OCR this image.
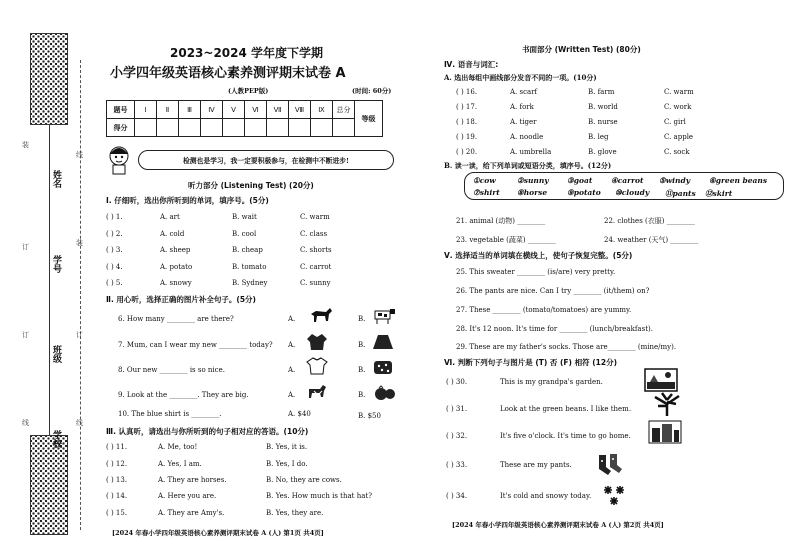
姓名
学号
班级
学校
装
线
装
订
订
订
线	线
2023~2024 学年度下学期
小学四年级英语核心素养测评期末试卷 A
(人教PEP版)	(时间: 60分)
题号	Ⅰ	Ⅱ	Ⅲ	Ⅳ	Ⅴ	Ⅵ	Ⅶ	Ⅷ	Ⅸ	总分	等级
得分											
检测也是学习，我一定要积极参与，在检测中不断进步!
听力部分 (Listening Test) (20分)
Ⅰ. 仔细听，选出你所听到的单词，填序号。(5分)
( ) 1.	A. art	B. wait	C. warm
( ) 2.	A. cold	B. cool	C. class
( ) 3.	A. sheep	B. cheap	C. shorts
( ) 4.	A. potato	B. tomato	C. carrot
( ) 5.	A. snowy	B. Sydney	C. sunny
Ⅱ. 用心听，选择正确的图片补全句子。(5分)
6. How many ________ are there?	A.	B.
7. Mum, can I wear my new ________ today? A.	B.
8. Our new ________ is so nice.	A.	B.
9. Look at the ________. They are big.	A.	B.
10. The blue shirt is ________.	A. $40	B. $50
Ⅲ. 认真听，请选出与你所听到的句子相对应的答语。(10分)
( ) 11.	A. Me, too!	B. Yes, it is.
( ) 12.	A. Yes, I am.	B. Yes, I do.
( ) 13.	A. They are horses.	B. No, they are cows.
( ) 14.	A. Here you are.	B. Yes. How much is that hat?
( ) 15.	A. They are Amy's.	B. Yes, they are.
[2024 年春小学四年级英语核心素养测评期末试卷 A (人) 第1页 共4页]
书面部分 (Written Test) (80分)
Ⅳ. 语音与词汇:
A. 选出每组中画线部分发音不同的一项。(10分)
( ) 16.	A. scarf	B. farm	C. warm
( ) 17.	A. fork	B. world	C. work
( ) 18.	A. tiger	B. nurse	C. girl
( ) 19.	A. noodle	B. leg	C. apple
( ) 20.	A. umbrella	B. glove	C. sock
B. 读一读，给下列单词或短语分类，填序号。(12分)
①cow	②sunny ③goat ④carrot ⑤windy	⑥green beans
⑦shirt ⑧horse	⑨potato ⑩cloudy ⑪pants ⑫skirt
21. animal (动物) ________	22. clothes (衣服) ________
23. vegetable (蔬菜) ________	24. weather (天气) ________
Ⅴ. 选择适当的单词填在横线上，使句子恢复完整。(5分)
25. This sweater ________ (is/are) very pretty.
26. The pants are nice. Can I try ________ (it/them) on?
27. These ________ (tomato/tomatoes) are yummy.
28. It's 12 noon. It's time for ________ (lunch/breakfast).
29. These are my father's socks. Those are________ (mine/my).
Ⅵ. 判断下列句子与图片是 (T) 否 (F) 相符 (12分)
( ) 30.	This is my grandpa's garden.
( ) 31.	Look at the green beans. I like them.
( ) 32.	It's five o'clock. It's time to go home.
( ) 33.	These are my pants.
( ) 34.	It's cold and snowy today.
[2024 年春小学四年级英语核心素养测评期末试卷 A (人) 第2页 共4页]
